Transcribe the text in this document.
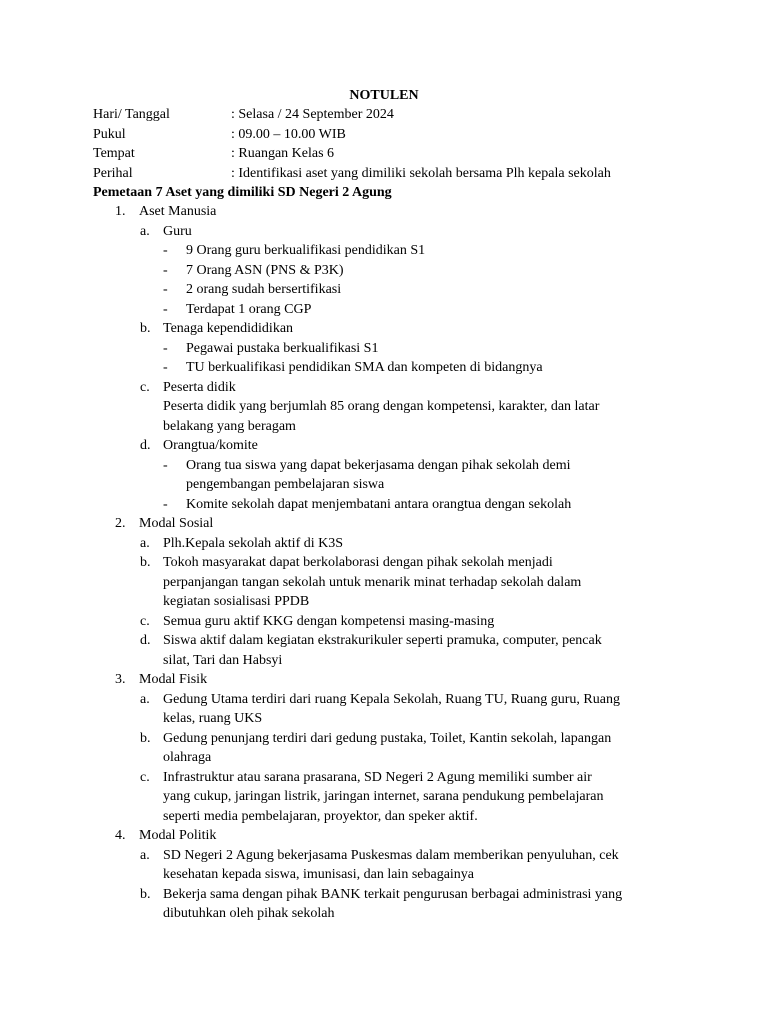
NOTULEN
Hari/ Tanggal	: Selasa / 24 September 2024
Pukul	: 09.00 – 10.00 WIB
Tempat	: Ruangan Kelas 6
Perihal	: Identifikasi aset yang dimiliki sekolah bersama Plh kepala sekolah
Pemetaan 7 Aset yang dimiliki SD Negeri 2 Agung
1. Aset Manusia
a. Guru
- 9 Orang guru berkualifikasi pendidikan S1
- 7 Orang ASN (PNS & P3K)
- 2 orang sudah bersertifikasi
- Terdapat 1 orang CGP
b. Tenaga kependididikan
- Pegawai pustaka berkualifikasi S1
- TU berkualifikasi pendidikan SMA dan kompeten di bidangnya
c. Peserta didik
Peserta didik yang berjumlah 85 orang dengan kompetensi, karakter, dan latar
belakang yang beragam
d. Orangtua/komite
- Orang tua siswa yang dapat bekerjasama dengan pihak sekolah demi
pengembangan pembelajaran siswa
- Komite sekolah dapat menjembatani antara orangtua dengan sekolah
2. Modal Sosial
a. Plh.Kepala sekolah aktif di K3S
b. Tokoh masyarakat dapat berkolaborasi dengan pihak sekolah menjadi
perpanjangan tangan sekolah untuk menarik minat terhadap sekolah dalam
kegiatan sosialisasi PPDB
c. Semua guru aktif KKG dengan kompetensi masing-masing
d. Siswa aktif dalam kegiatan ekstrakurikuler seperti pramuka, computer, pencak
silat, Tari dan Habsyi
3. Modal Fisik
a. Gedung Utama terdiri dari ruang Kepala Sekolah, Ruang TU, Ruang guru, Ruang
kelas, ruang UKS
b. Gedung penunjang terdiri dari gedung pustaka, Toilet, Kantin sekolah, lapangan
olahraga
c. Infrastruktur atau sarana prasarana, SD Negeri 2 Agung memiliki sumber air
yang cukup, jaringan listrik, jaringan internet, sarana pendukung pembelajaran
seperti media pembelajaran, proyektor, dan speker aktif.
4. Modal Politik
a. SD Negeri 2 Agung bekerjasama Puskesmas dalam memberikan penyuluhan, cek
kesehatan kepada siswa, imunisasi, dan lain sebagainya
b. Bekerja sama dengan pihak BANK terkait pengurusan berbagai administrasi yang
dibutuhkan oleh pihak sekolah
